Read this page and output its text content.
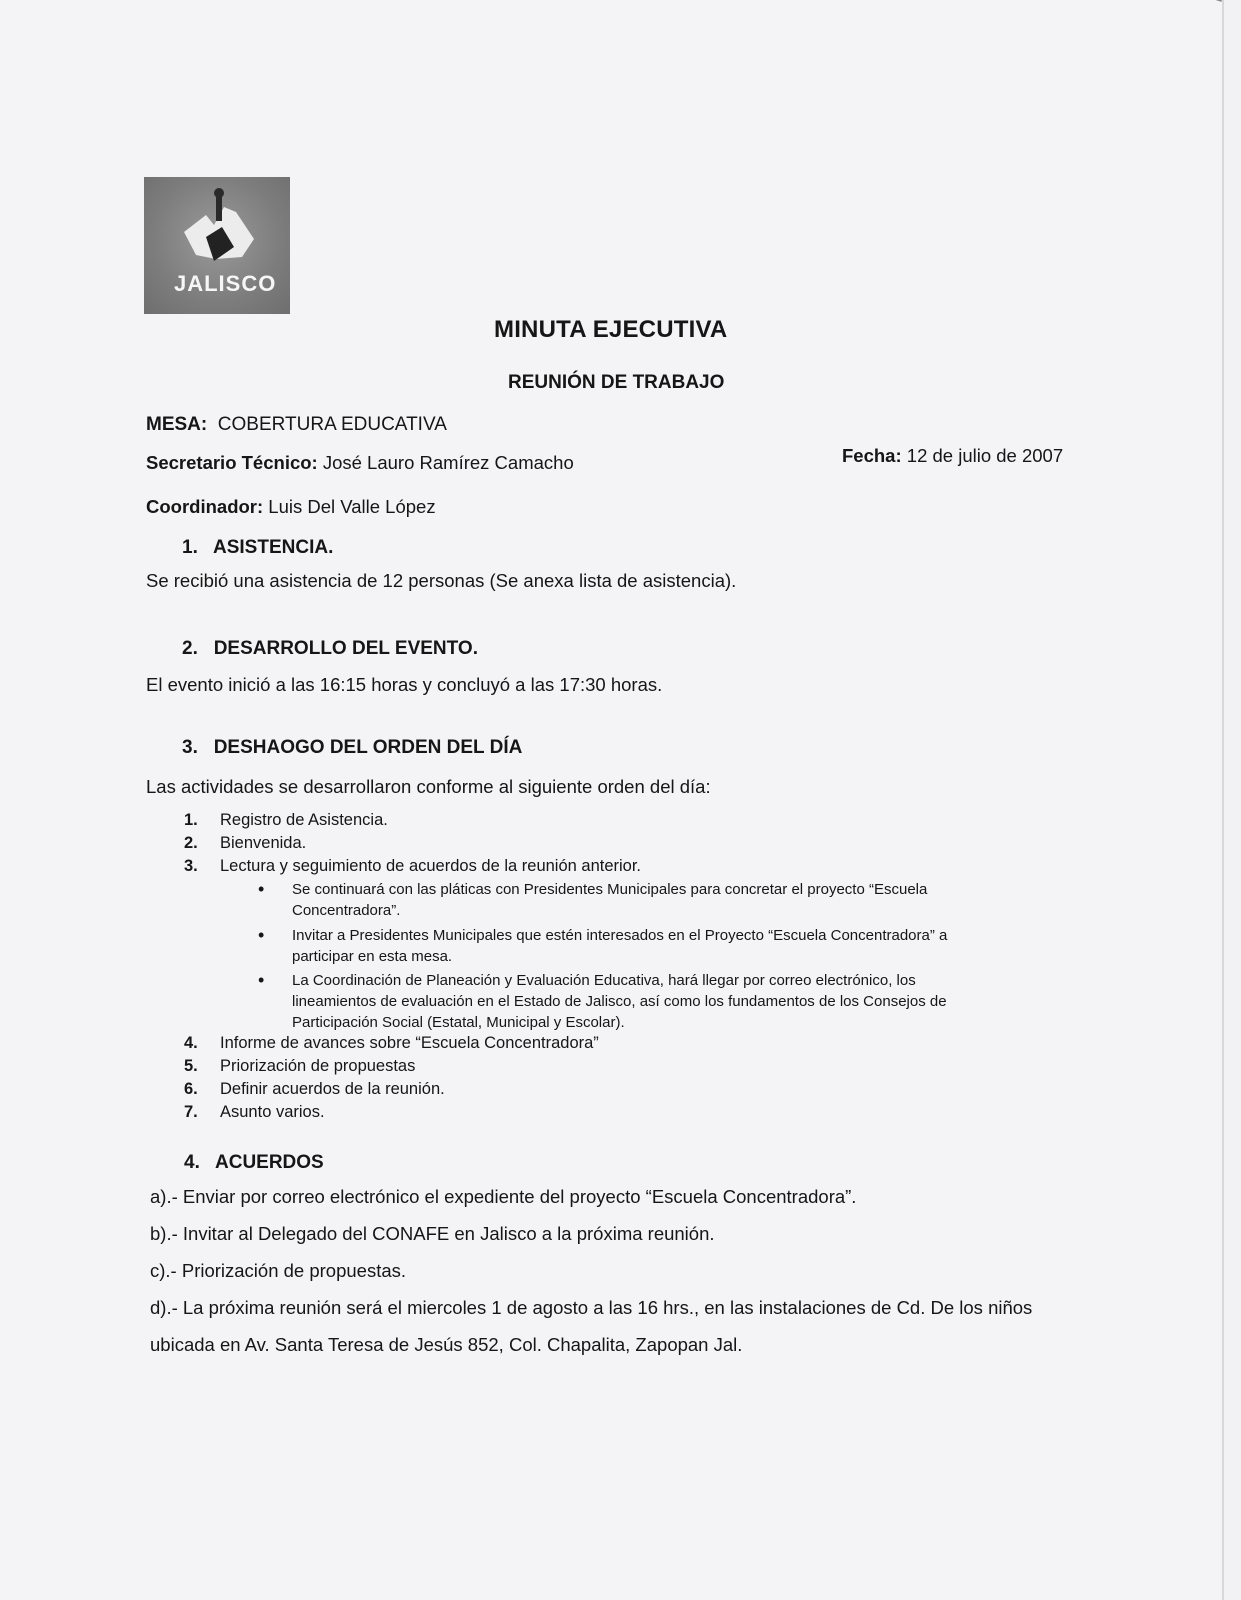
JALISCO
MINUTA EJECUTIVA
REUNIÓN DE TRABAJO
MESA: COBERTURA EDUCATIVA
Secretario Técnico: José Lauro Ramírez Camacho	Fecha: 12 de julio de 2007
Coordinador: Luis Del Valle López
1. ASISTENCIA.
Se recibió una asistencia de 12 personas (Se anexa lista de asistencia).
2. DESARROLLO DEL EVENTO.
El evento inició a las 16:15 horas y concluyó a las 17:30 horas.
3. DESHAOGO DEL ORDEN DEL DÍA
Las actividades se desarrollaron conforme al siguiente orden del día:
1.	Registro de Asistencia.
2.	Bienvenida.
3.	Lectura y seguimiento de acuerdos de la reunión anterior.
• Se continuará con las pláticas con Presidentes Municipales para concretar el proyecto “Escuela
Concentradora”.
• Invitar a Presidentes Municipales que estén interesados en el Proyecto “Escuela Concentradora” a
participar en esta mesa.
• La Coordinación de Planeación y Evaluación Educativa, hará llegar por correo electrónico, los
lineamientos de evaluación en el Estado de Jalisco, así como los fundamentos de los Consejos de
Participación Social (Estatal, Municipal y Escolar).
4.	Informe de avances sobre “Escuela Concentradora”
5.	Priorización de propuestas
6.	Definir acuerdos de la reunión.
7.	Asunto varios.
4. ACUERDOS
a).- Enviar por correo electrónico el expediente del proyecto “Escuela Concentradora”.
b).- Invitar al Delegado del CONAFE en Jalisco a la próxima reunión.
c).- Priorización de propuestas.
d).- La próxima reunión será el miercoles 1 de agosto a las 16 hrs., en las instalaciones de Cd. De los niños
ubicada en Av. Santa Teresa de Jesús 852, Col. Chapalita, Zapopan Jal.
